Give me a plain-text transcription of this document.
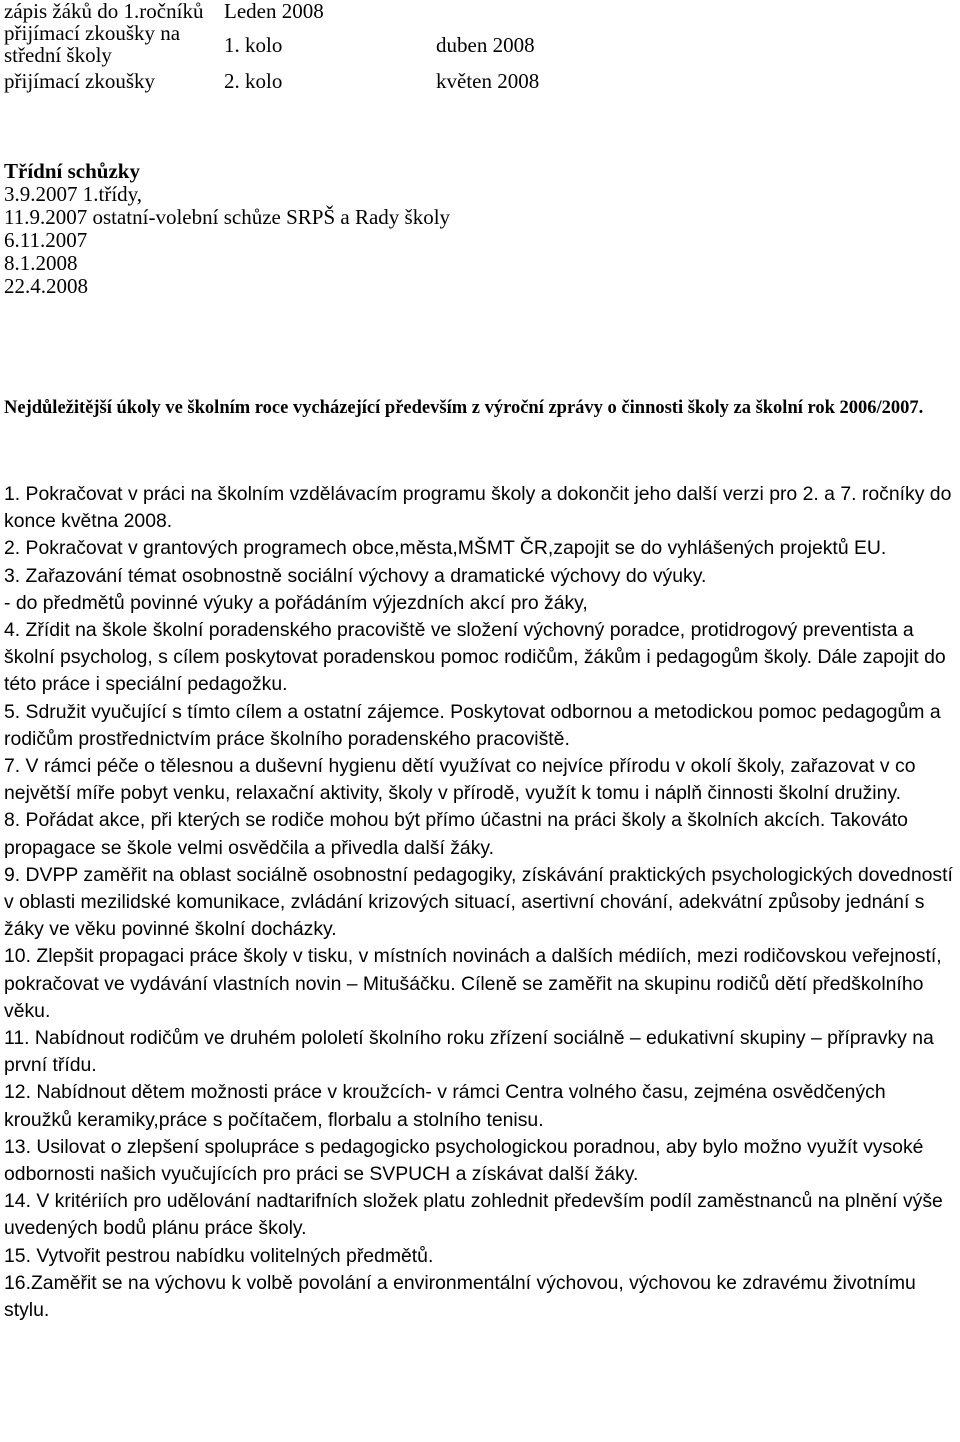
zápis žáků do 1.ročníků
přijímací zkoušky na
střední školy
přijímací zkoušky
Leden 2008
1. kolo	duben 2008
2. kolo	květen 2008
Třídní schůzky
3.9.2007 1.třídy,
11.9.2007 ostatní-volební schůze SRPŠ a Rady školy
6.11.2007
8.1.2008
22.4.2008
Nejdůležitější úkoly ve školním roce vycházející především z výroční zprávy o činnosti školy za školní rok 2006/2007.

1. Pokračovat v práci na školním vzdělávacím programu školy a dokončit jeho další verzi pro 2. a 7. ročníky do konce května 2008.

2. Pokračovat v grantových programech obce,města,MŠMT ČR,zapojit se do vyhlášených projektů EU.

3. Zařazování témat osobnostně sociální výchovy a dramatické výchovy do výuky.

- do předmětů povinné výuky a pořádáním výjezdních akcí pro žáky,

4. Zřídit na škole školní poradenského pracoviště ve složení výchovný poradce, protidrogový preventista a školní psycholog, s cílem poskytovat poradenskou pomoc rodičům, žákům i pedagogům školy. Dále zapojit do této práce i speciální pedagožku.

5. Sdružit vyučující s tímto cílem a ostatní zájemce. Poskytovat odbornou a metodickou pomoc pedagogům a rodičům prostřednictvím práce školního poradenského pracoviště.

7. V rámci péče o tělesnou a duševní hygienu dětí využívat co nejvíce přírodu v okolí školy, zařazovat v co největší míře pobyt venku, relaxační aktivity, školy v přírodě, využít k tomu i náplň činnosti školní družiny.

8. Pořádat akce, při kterých se rodiče mohou být přímo účastni na práci školy a školních akcích. Takováto propagace se škole velmi osvědčila a přivedla další žáky.

9. DVPP zaměřit na oblast sociálně osobnostní pedagogiky, získávání praktických psychologických dovedností v oblasti mezilidské komunikace, zvládání krizových situací, asertivní chování, adekvátní způsoby jednání s žáky ve věku povinné školní docházky.

10. Zlepšit propagaci práce školy v tisku, v místních novinách a dalších médiích, mezi rodičovskou veřejností, pokračovat ve vydávání vlastních novin – Mitušáčku. Cíleně se zaměřit na skupinu rodičů dětí předškolního věku.

11. Nabídnout rodičům ve druhém pololetí školního roku zřízení sociálně – edukativní skupiny – přípravky na první třídu.

12. Nabídnout dětem možnosti práce v kroužcích- v rámci Centra volného času, zejména osvědčených kroužků keramiky,práce s počítačem, florbalu a stolního tenisu.

13. Usilovat o zlepšení spolupráce s pedagogicko psychologickou poradnou, aby bylo možno využít vysoké odbornosti našich vyučujících pro práci se SVPUCH a získávat další žáky.

14. V kritériích pro udělování nadtarifních složek platu zohlednit především podíl zaměstnanců na plnění výše uvedených bodů plánu práce školy.

15. Vytvořit pestrou nabídku volitelných předmětů.

16.Zaměřit se na výchovu k volbě povolání a environmentální výchovou, výchovou ke zdravému životnímu stylu.
